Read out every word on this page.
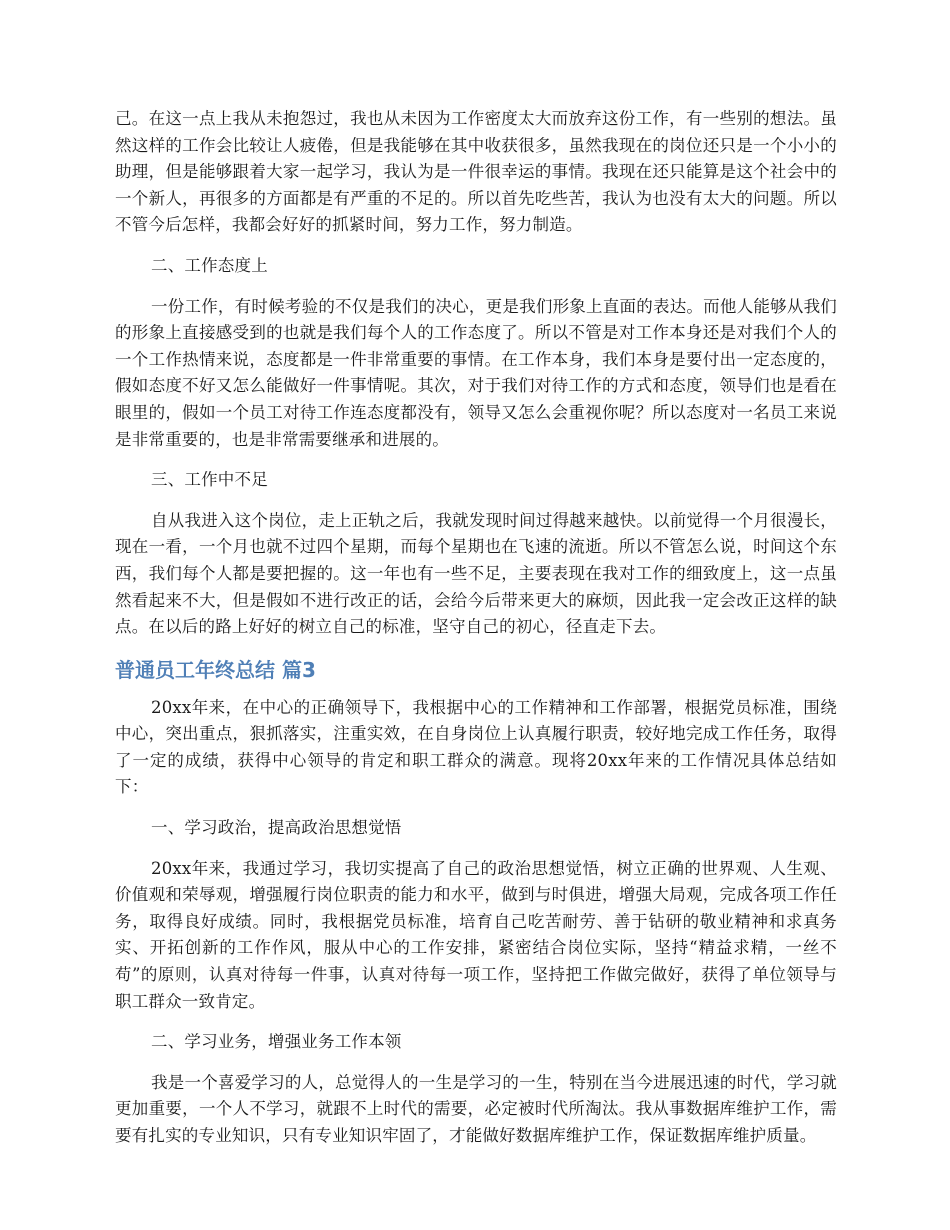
己。在这一点上我从未抱怨过，我也从未因为工作密度太大而放弃这份工作，有一些别的想法。虽然这样的工作会比较让人疲倦，但是我能够在其中收获很多，虽然我现在的岗位还只是一个小小的助理，但是能够跟着大家一起学习，我认为是一件很幸运的事情。我现在还只能算是这个社会中的一个新人，再很多的方面都是有严重的不足的。所以首先吃些苦，我认为也没有太大的问题。所以不管今后怎样，我都会好好的抓紧时间，努力工作，努力制造。

二、工作态度上

一份工作，有时候考验的不仅是我们的决心，更是我们形象上直面的表达。而他人能够从我们的形象上直接感受到的也就是我们每个人的工作态度了。所以不管是对工作本身还是对我们个人的一个工作热情来说，态度都是一件非常重要的事情。在工作本身，我们本身是要付出一定态度的，假如态度不好又怎么能做好一件事情呢。其次，对于我们对待工作的方式和态度，领导们也是看在眼里的，假如一个员工对待工作连态度都没有，领导又怎么会重视你呢？所以态度对一名员工来说是非常重要的，也是非常需要继承和进展的。

三、工作中不足

自从我进入这个岗位，走上正轨之后，我就发现时间过得越来越快。以前觉得一个月很漫长，现在一看，一个月也就不过四个星期，而每个星期也在飞速的流逝。所以不管怎么说，时间这个东西，我们每个人都是要把握的。这一年也有一些不足，主要表现在我对工作的细致度上，这一点虽然看起来不大，但是假如不进行改正的话，会给今后带来更大的麻烦，因此我一定会改正这样的缺点。在以后的路上好好的树立自己的标准，坚守自己的初心，径直走下去。

普通员工年终总结 篇3

20xx年来，在中心的正确领导下，我根据中心的工作精神和工作部署，根据党员标准，围绕中心，突出重点，狠抓落实，注重实效，在自身岗位上认真履行职责，较好地完成工作任务，取得了一定的成绩，获得中心领导的肯定和职工群众的满意。现将20xx年来的工作情况具体总结如下：

一、学习政治，提高政治思想觉悟

20xx年来，我通过学习，我切实提高了自己的政治思想觉悟，树立正确的世界观、人生观、价值观和荣辱观，增强履行岗位职责的能力和水平，做到与时俱进，增强大局观，完成各项工作任务，取得良好成绩。同时，我根据党员标准，培育自己吃苦耐劳、善于钻研的敬业精神和求真务实、开拓创新的工作作风，服从中心的工作安排，紧密结合岗位实际，坚持“精益求精，一丝不苟”的原则，认真对待每一件事，认真对待每一项工作，坚持把工作做完做好，获得了单位领导与职工群众一致肯定。

二、学习业务，增强业务工作本领

我是一个喜爱学习的人，总觉得人的一生是学习的一生，特别在当今进展迅速的时代，学习就更加重要，一个人不学习，就跟不上时代的需要，必定被时代所淘汰。我从事数据库维护工作，需要有扎实的专业知识，只有专业知识牢固了，才能做好数据库维护工作，保证数据库维护质量。
